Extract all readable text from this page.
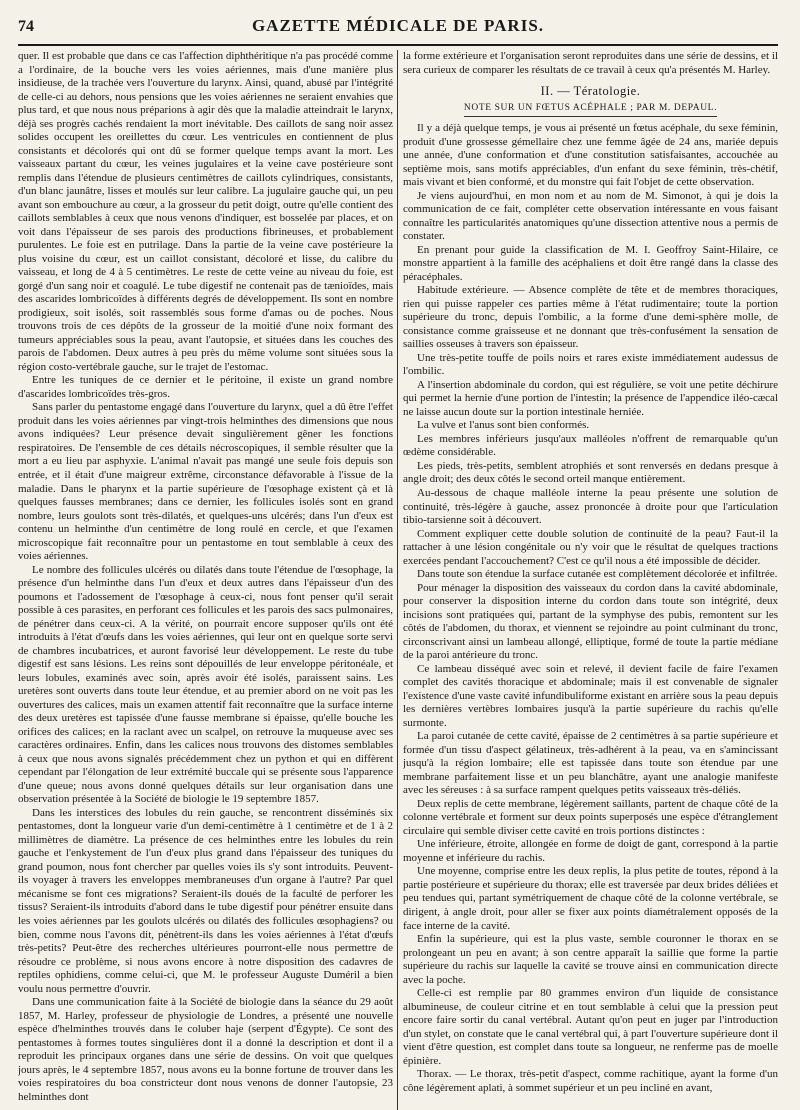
74	GAZETTE MÉDICALE DE PARIS.

quer. Il est probable que dans ce cas l'affection diphthéritique n'a pas procédé comme a l'ordinaire, de la bouche vers les voies aériennes, mais d'une manière plus insidieuse, de la trachée vers l'ouverture du larynx. Ainsi, quand, abusé par l'intégrité de celle-ci au dehors, nous pensions que les voies aériennes ne seraient envahies que plus tard, et que nous nous préparions à agir dès que la maladie atteindrait le larynx, déjà ses progrès cachés rendaient la mort inévitable. Des caillots de sang noir assez solides occupent les oreillettes du cœur. Les ventricules en contiennent de plus consistants et décolorés qui ont dû se former quelque temps avant la mort. Les vaisseaux partant du cœur, les veines jugulaires et la veine cave postérieure sont remplis dans l'étendue de plusieurs centimètres de caillots cylindriques, consistants, d'un blanc jaunâtre, lisses et moulés sur leur calibre. La jugulaire gauche qui, un peu avant son embouchure au cœur, a la grosseur du petit doigt, outre qu'elle contient des caillots semblables à ceux que nous venons d'indiquer, est bosselée par places, et on voit dans l'épaisseur de ses parois des productions fibrineuses, et probablement purulentes. Le foie est en putrilage. Dans la partie de la veine cave postérieure la plus voisine du cœur, est un caillot consistant, décoloré et lisse, du calibre du vaisseau, et long de 4 à 5 centimètres. Le reste de cette veine au niveau du foie, est gorgé d'un sang noir et coagulé. Le tube digestif ne contenait pas de tænioïdes, mais des ascarides lombricoïdes à différents degrés de développement. Ils sont en nombre prodigieux, soit isolés, soit rassemblés sous forme d'amas ou de poches. Nous trouvons trois de ces dépôts de la grosseur de la moitié d'une noix formant des tumeurs appréciables sous la peau, avant l'autopsie, et situées dans les couches des parois de l'abdomen. Deux autres à peu près du même volume sont situées sous la région costo-vertébrale gauche, sur le trajet de l'estomac.

Entre les tuniques de ce dernier et le péritoine, il existe un grand nombre d'ascarides lombricoïdes très-gros.

Sans parler du pentastome engagé dans l'ouverture du larynx, quel a dû être l'effet produit dans les voies aériennes par vingt-trois helminthes des dimensions que nous avons indiquées? Leur présence devait singulièrement gêner les fonctions respiratoires. De l'ensemble de ces détails nécroscopiques, il semble résulter que la mort a eu lieu par asphyxie. L'animal n'avait pas mangé une seule fois depuis son entrée, et il était d'une maigreur extrême, circonstance défavorable à l'issue de la maladie. Dans le pharynx et la partie supérieure de l'œsophage existent çà et là quelques fausses membranes; dans ce dernier, les follicules isolés sont en grand nombre, leurs goulots sont très-dilatés, et quelques-uns ulcérés; dans l'un d'eux est contenu un helminthe d'un centimètre de long roulé en cercle, et que l'examen microscopique fait reconnaître pour un pentastome en tout semblable à ceux des voies aériennes.

Le nombre des follicules ulcérés ou dilatés dans toute l'étendue de l'œsophage, la présence d'un helminthe dans l'un d'eux et deux autres dans l'épaisseur d'un des poumons et l'adossement de l'œsophage à ceux-ci, nous font penser qu'il serait possible à ces parasites, en perforant ces follicules et les parois des sacs pulmonaires, de pénétrer dans ceux-ci. A la vérité, on pourrait encore supposer qu'ils ont été introduits à l'état d'œufs dans les voies aériennes, qui leur ont en quelque sorte servi de chambres incubatrices, et auront favorisé leur développement. Le reste du tube digestif est sans lésions. Les reins sont dépouillés de leur enveloppe péritonéale, et leurs lobules, examinés avec soin, après avoir été isolés, paraissent sains. Les uretères sont ouverts dans toute leur étendue, et au premier abord on ne voit pas les ouvertures des calices, mais un examen attentif fait reconnaître que la surface interne des deux uretères est tapissée d'une fausse membrane si épaisse, qu'elle bouche les orifices des calices; en la raclant avec un scalpel, on retrouve la muqueuse avec ses caractères ordinaires. Enfin, dans les calices nous trouvons des distomes semblables à ceux que nous avons signalés précédemment chez un python et qui en diffèrent cependant par l'élongation de leur extrémité buccale qui se présente sous l'apparence d'une queue; nous avons donné quelques détails sur leur organisation dans une observation présentée à la Société de biologie le 19 septembre 1857.

Dans les interstices des lobules du rein gauche, se rencontrent disséminés six pentastomes, dont la longueur varie d'un demi-centimètre à 1 centimètre et de 1 à 2 millimètres de diamètre. La présence de ces helminthes entre les lobules du rein gauche et l'enkystement de l'un d'eux plus grand dans l'épaisseur des tuniques du grand poumon, nous font chercher par quelles voies ils s'y sont introduits. Peuvent-ils voyager à travers les enveloppes membraneuses d'un organe à l'autre? Par quel mécanisme se font ces migrations? Seraient-ils doués de la faculté de perforer les tissus? Seraient-ils introduits d'abord dans le tube digestif pour pénétrer ensuite dans les voies aériennes par les goulots ulcérés ou dilatés des follicules œsophagiens? ou bien, comme nous l'avons dit, pénètrent-ils dans les voies aériennes à l'état d'œufs très-petits? Peut-être des recherches ultérieures pourront-elle nous permettre de résoudre ce problème, si nous avons encore à notre disposition des cadavres de reptiles ophidiens, comme celui-ci, que M. le professeur Auguste Duméril a bien voulu nous permettre d'ouvrir.

Dans une communication faite à la Société de biologie dans la séance du 29 août 1857, M. Harley, professeur de physiologie de Londres, a présenté une nouvelle espèce d'helminthes trouvés dans le coluber haje (serpent d'Égypte). Ce sont des pentastomes à formes toutes singulières dont il a donné la description et dont il a reproduit les principaux organes dans une série de dessins. On voit que quelques jours après, le 4 septembre 1857, nous avons eu la bonne fortune de trouver dans les voies respiratoires du boa constricteur dont nous venons de donner l'autopsie, 23 helminthes dont

la forme extérieure et l'organisation seront reproduites dans une série de dessins, et il sera curieux de comparer les résultats de ce travail à ceux qu'a présentés M. Harley.

II. — Tératologie.
NOTE SUR UN FŒTUS ACÉPHALE ; PAR M. DEPAUL.

Il y a déjà quelque temps, je vous ai présenté un fœtus acéphale, du sexe féminin, produit d'une grossesse gémellaire chez une femme âgée de 24 ans, mariée depuis une année, d'une conformation et d'une constitution satisfaisantes, accouchée au septième mois, sans motifs appréciables, d'un enfant du sexe féminin, très-chétif, mais vivant et bien conformé, et du monstre qui fait l'objet de cette observation.

Je viens aujourd'hui, en mon nom et au nom de M. Simonot, à qui je dois la communication de ce fait, compléter cette observation intéressante en vous faisant connaître les particularités anatomiques qu'une dissection attentive nous a permis de constater.

En prenant pour guide la classification de M. I. Geoffroy Saint-Hilaire, ce monstre appartient à la famille des acéphaliens et doit être rangé dans la classe des péracéphales.

Habitude extérieure. — Absence complète de tête et de membres thoraciques, rien qui puisse rappeler ces parties même à l'état rudimentaire; toute la portion supérieure du tronc, depuis l'ombilic, a la forme d'une demi-sphère molle, de consistance comme graisseuse et ne donnant que très-confusément la sensation de saillies osseuses à travers son épaisseur.

Une très-petite touffe de poils noirs et rares existe immédiatement audessus de l'ombilic.

A l'insertion abdominale du cordon, qui est régulière, se voit une petite déchirure qui permet la hernie d'une portion de l'intestin; la présence de l'appendice iléo-cæcal ne laisse aucun doute sur la portion intestinale herniée.

La vulve et l'anus sont bien conformés.

Les membres inférieurs jusqu'aux malléoles n'offrent de remarquable qu'un œdème considérable.

Les pieds, très-petits, semblent atrophiés et sont renversés en dedans presque à angle droit; des deux côtés le second orteil manque entièrement.

Au-dessous de chaque malléole interne la peau présente une solution de continuité, très-légère à gauche, assez prononcée à droite pour que l'articulation tibio-tarsienne soit à découvert.

Comment expliquer cette double solution de continuité de la peau? Faut-il la rattacher à une lésion congénitale ou n'y voir que le résultat de quelques tractions exercées pendant l'accouchement? C'est ce qu'il nous a été impossible de décider.

Dans toute son étendue la surface cutanée est complètement décolorée et infiltrée.

Pour ménager la disposition des vaisseaux du cordon dans la cavité abdominale, pour conserver la disposition interne du cordon dans toute son intégrité, deux incisions sont pratiquées qui, partant de la symphyse des pubis, remontent sur les côtés de l'abdomen, du thorax, et viennent se rejoindre au point culminant du tronc, circonscrivant ainsi un lambeau allongé, elliptique, formé de toute la partie médiane de la paroi antérieure du tronc.

Ce lambeau disséqué avec soin et relevé, il devient facile de faire l'examen complet des cavités thoracique et abdominale; mais il est convenable de signaler l'existence d'une vaste cavité infundibuliforme existant en arrière sous la peau depuis les dernières vertèbres lombaires jusqu'à la partie supérieure du rachis qu'elle surmonte.

La paroi cutanée de cette cavité, épaisse de 2 centimètres à sa partie supérieure et formée d'un tissu d'aspect gélatineux, très-adhérent à la peau, va en s'amincissant jusqu'à la région lombaire; elle est tapissée dans toute son étendue par une membrane parfaitement lisse et un peu blanchâtre, ayant une analogie manifeste avec les séreuses : à sa surface rampent quelques petits vaisseaux très-déliés.

Deux replis de cette membrane, légèrement saillants, partent de chaque côté de la colonne vertébrale et forment sur deux points superposés une espèce d'étranglement circulaire qui semble diviser cette cavité en trois portions distinctes :

Une inférieure, étroite, allongée en forme de doigt de gant, correspond à la partie moyenne et inférieure du rachis.

Une moyenne, comprise entre les deux replis, la plus petite de toutes, répond à la partie postérieure et supérieure du thorax; elle est traversée par deux brides déliées et peu tendues qui, partant symétriquement de chaque côté de la colonne vertébrale, se dirigent, à angle droit, pour aller se fixer aux points diamétralement opposés de la face interne de la cavité.

Enfin la supérieure, qui est la plus vaste, semble couronner le thorax en se prolongeant un peu en avant; à son centre apparaît la saillie que forme la partie supérieure du rachis sur laquelle la cavité se trouve ainsi en communication directe avec la poche.

Celle-ci est remplie par 80 grammes environ d'un liquide de consistance albumineuse, de couleur citrine et en tout semblable à celui que la pression peut encore faire sortir du canal vertébral. Autant qu'on peut en juger par l'introduction d'un stylet, on constate que le canal vertébral qui, à part l'ouverture supérieure dont il vient d'être question, est complet dans toute sa longueur, ne renferme pas de moelle épinière.

Thorax. — Le thorax, très-petit d'aspect, comme rachitique, ayant la forme d'un cône légèrement aplati, à sommet supérieur et un peu incliné en avant,
